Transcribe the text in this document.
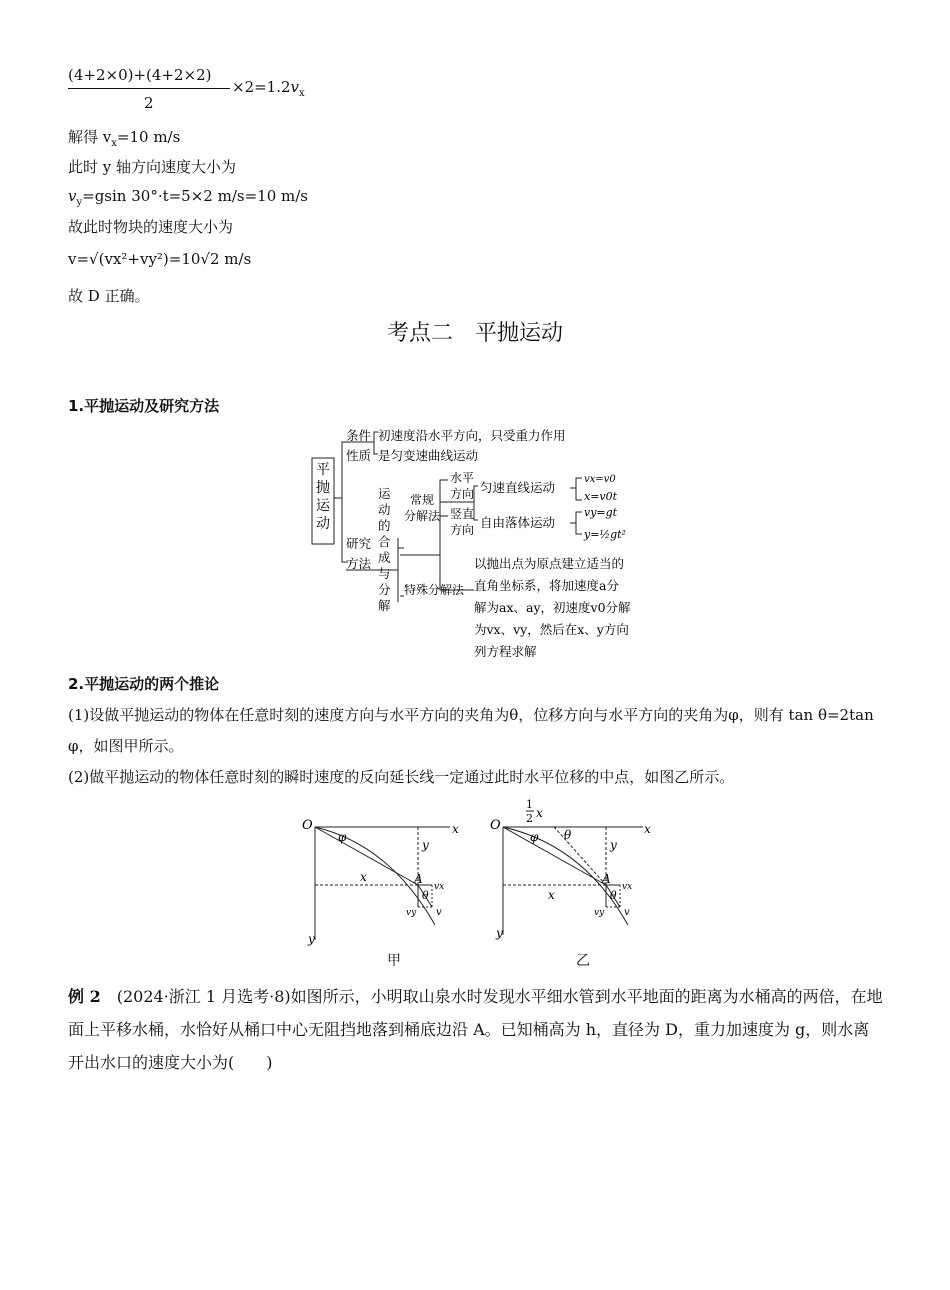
(4+2×0)+(4+2×2)
2
$\times 2=1.2v_x$
解得 $v_x=10$ m/s
此时 y 轴方向速度大小为
$v_y=gsin$ 30°·t=5×2 m/s=10 m/s
故此时物块的速度大小为
v=√(vx²+vy²)=10√2 m/s
故 D 正确。
考点二　平抛运动
1.平抛运动及研究方法
平
抛
运
动
条件 初速度沿水平方向，只受重力作用
性质 是匀变速曲线运动
研究
方法
运
动
的
合
成
与
分
解
常规
分解法
水平
方向
竖直
方向
匀速直线运动
自由落体运动
vx=v0
x=v0t
vy=gt
y=½gt²
特殊分解法
以抛出点为原点建立适当的
直角坐标系，将加速度a分
解为ax、ay，初速度v0分解
为vx、vy，然后在x、y方向
列方程求解
2.平抛运动的两个推论
(1)设做平抛运动的物体在任意时刻的速度方向与水平方向的夹角为θ，位移方向与水平方向的夹角为φ，则有 tan θ=2tan φ，如图甲所示。
(2)做平抛运动的物体任意时刻的瞬时速度的反向延长线一定通过此时水平位移的中点，如图乙所示。
O	x
y
φ
y
x	A
θ
vx
vy v
甲
1
2 x
O	x
y
φ θ
y
x
A
θ
vx
vy v
乙
例 2　(2024·浙江 1 月选考·8)如图所示，小明取山泉水时发现水平细水管到水平地面的距离为水桶高的两倍，在地面上平移水桶，水恰好从桶口中心无阻挡地落到桶底边沿 A。已知桶高为 h，直径为 D，重力加速度为 g，则水离开出水口的速度大小为(　　)
